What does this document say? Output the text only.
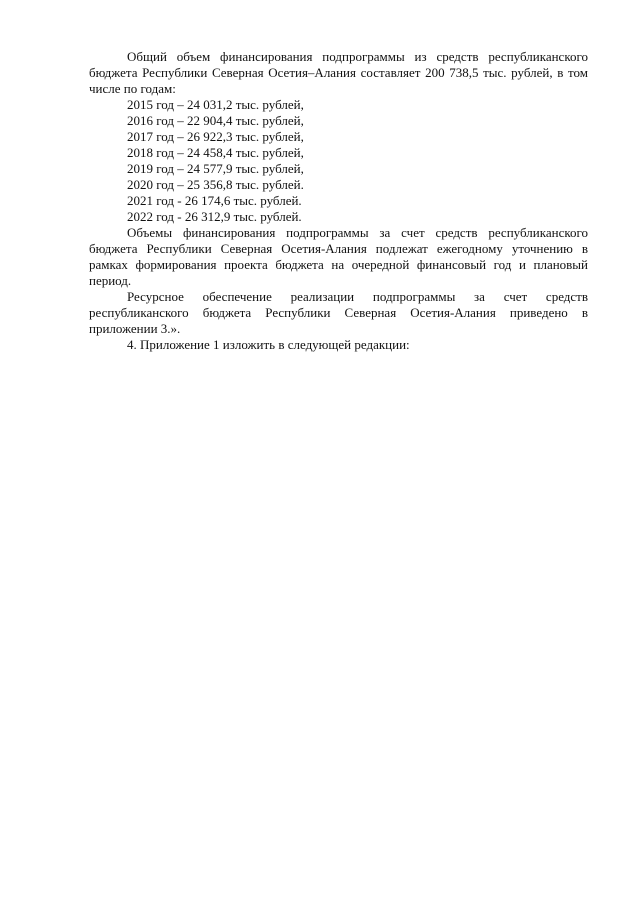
Общий объем финансирования подпрограммы из средств республиканского бюджета Республики Северная Осетия–Алания составляет 200 738,5 тыс. рублей, в том числе по годам:

2015 год – 24 031,2 тыс. рублей,

2016 год – 22 904,4 тыс. рублей,

2017 год – 26 922,3 тыс. рублей,

2018 год – 24 458,4 тыс. рублей,

2019 год – 24 577,9 тыс. рублей,

2020 год – 25 356,8 тыс. рублей.

2021 год - 26 174,6 тыс. рублей.

2022 год - 26 312,9 тыс. рублей.

Объемы финансирования подпрограммы за счет средств республиканского бюджета Республики Северная Осетия-Алания подлежат ежегодному уточнению в рамках формирования проекта бюджета на очередной финансовый год и плановый период.

Ресурсное обеспечение реализации подпрограммы за счет средств республиканского бюджета Республики Северная Осетия-Алания приведено в приложении 3.».

4. Приложение 1 изложить в следующей редакции:
